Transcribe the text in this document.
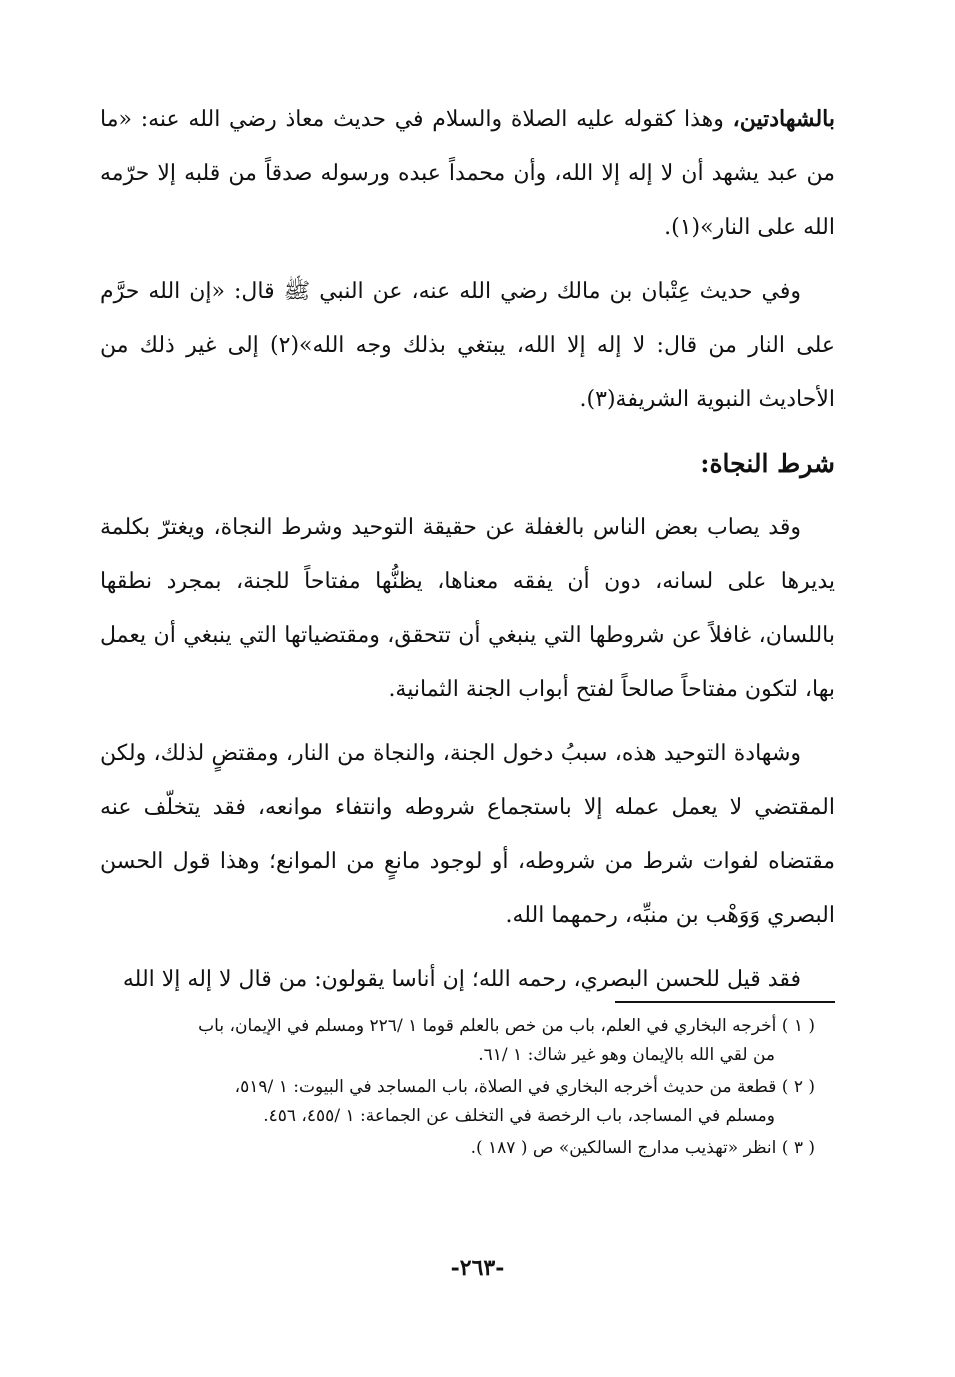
بالشهادتين، وهذا كقوله عليه الصلاة والسلام في حديث معاذ رضي الله عنه: «ما من عبد يشهد أن لا إله إلا الله، وأن محمداً عبده ورسوله صدقاً من قلبه إلا حرّمه الله على النار»(١).

وفي حديث عِتْبان بن مالك رضي الله عنه، عن النبي ﷺ قال: «إن الله حرَّم على النار من قال: لا إله إلا الله، يبتغي بذلك وجه الله»(٢) إلى غير ذلك من الأحاديث النبوية الشريفة(٣).

شرط النجاة:

وقد يصاب بعض الناس بالغفلة عن حقيقة التوحيد وشرط النجاة، ويغترّ بكلمة يديرها على لسانه، دون أن يفقه معناها، يظنُّها مفتاحاً للجنة، بمجرد نطقها باللسان، غافلاً عن شروطها التي ينبغي أن تتحقق، ومقتضياتها التي ينبغي أن يعمل بها، لتكون مفتاحاً صالحاً لفتح أبواب الجنة الثمانية.

وشهادة التوحيد هذه، سببُ دخول الجنة، والنجاة من النار، ومقتضٍ لذلك، ولكن المقتضي لا يعمل عمله إلا باستجماع شروطه وانتفاء موانعه، فقد يتخلّف عنه مقتضاه لفوات شرط من شروطه، أو لوجود مانعٍ من الموانع؛ وهذا قول الحسن البصري وَوَهْب بن منبِّه، رحمهما الله.

فقد قيل للحسن البصري، رحمه الله؛ إن أناسا يقولون: من قال لا إله إلا الله

( ١ ) أخرجه البخاري في العلم، باب من خص بالعلم قوما ١ /٢٢٦ ومسلم في الإيمان، باب
من لقي الله بالإيمان وهو غير شاك: ١ /٦١.
( ٢ ) قطعة من حديث أخرجه البخاري في الصلاة، باب المساجد في البيوت: ١ /٥١٩،
ومسلم في المساجد، باب الرخصة في التخلف عن الجماعة: ١ /٤٥٥، ٤٥٦.
( ٣ ) انظر «تهذيب مدارج السالكين» ص ( ١٨٧ ).
-٢٦٣-
